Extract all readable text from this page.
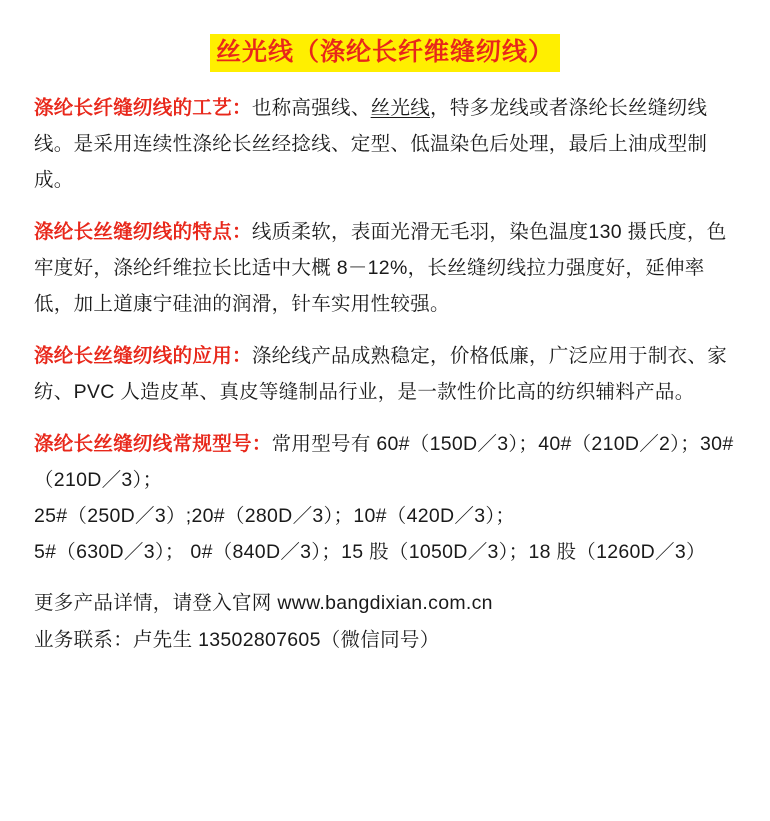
丝光线（涤纶长纤维缝纫线）

涤纶长纤缝纫线的工艺：也称高强线、丝光线，特多龙线或者涤纶长丝缝纫线线。是采用连续性涤纶长丝经捻线、定型、低温染色后处理，最后上油成型制成。

涤纶长丝缝纫线的特点：线质柔软，表面光滑无毛羽，染色温度130 摄氏度，色牢度好，涤纶纤维拉长比适中大概 8－12%，长丝缝纫线拉力强度好，延伸率低，加上道康宁硅油的润滑，针车实用性较强。

涤纶长丝缝纫线的应用：涤纶线产品成熟稳定，价格低廉，广泛应用于制衣、家纺、PVC 人造皮革、真皮等缝制品行业，是一款性价比高的纺织辅料产品。

涤纶长丝缝纫线常规型号：常用型号有 60#（150D／3）；40#（210D／2）；30#（210D／3）；
25#（250D／3）;20#（280D／3）；10#（420D／3）；
5#（630D／3）； 0#（840D／3）；15 股（1050D／3）；18 股（1260D／3）

更多产品详情，请登入官网 www.bangdixian.com.cn

业务联系：卢先生 13502807605（微信同号）
